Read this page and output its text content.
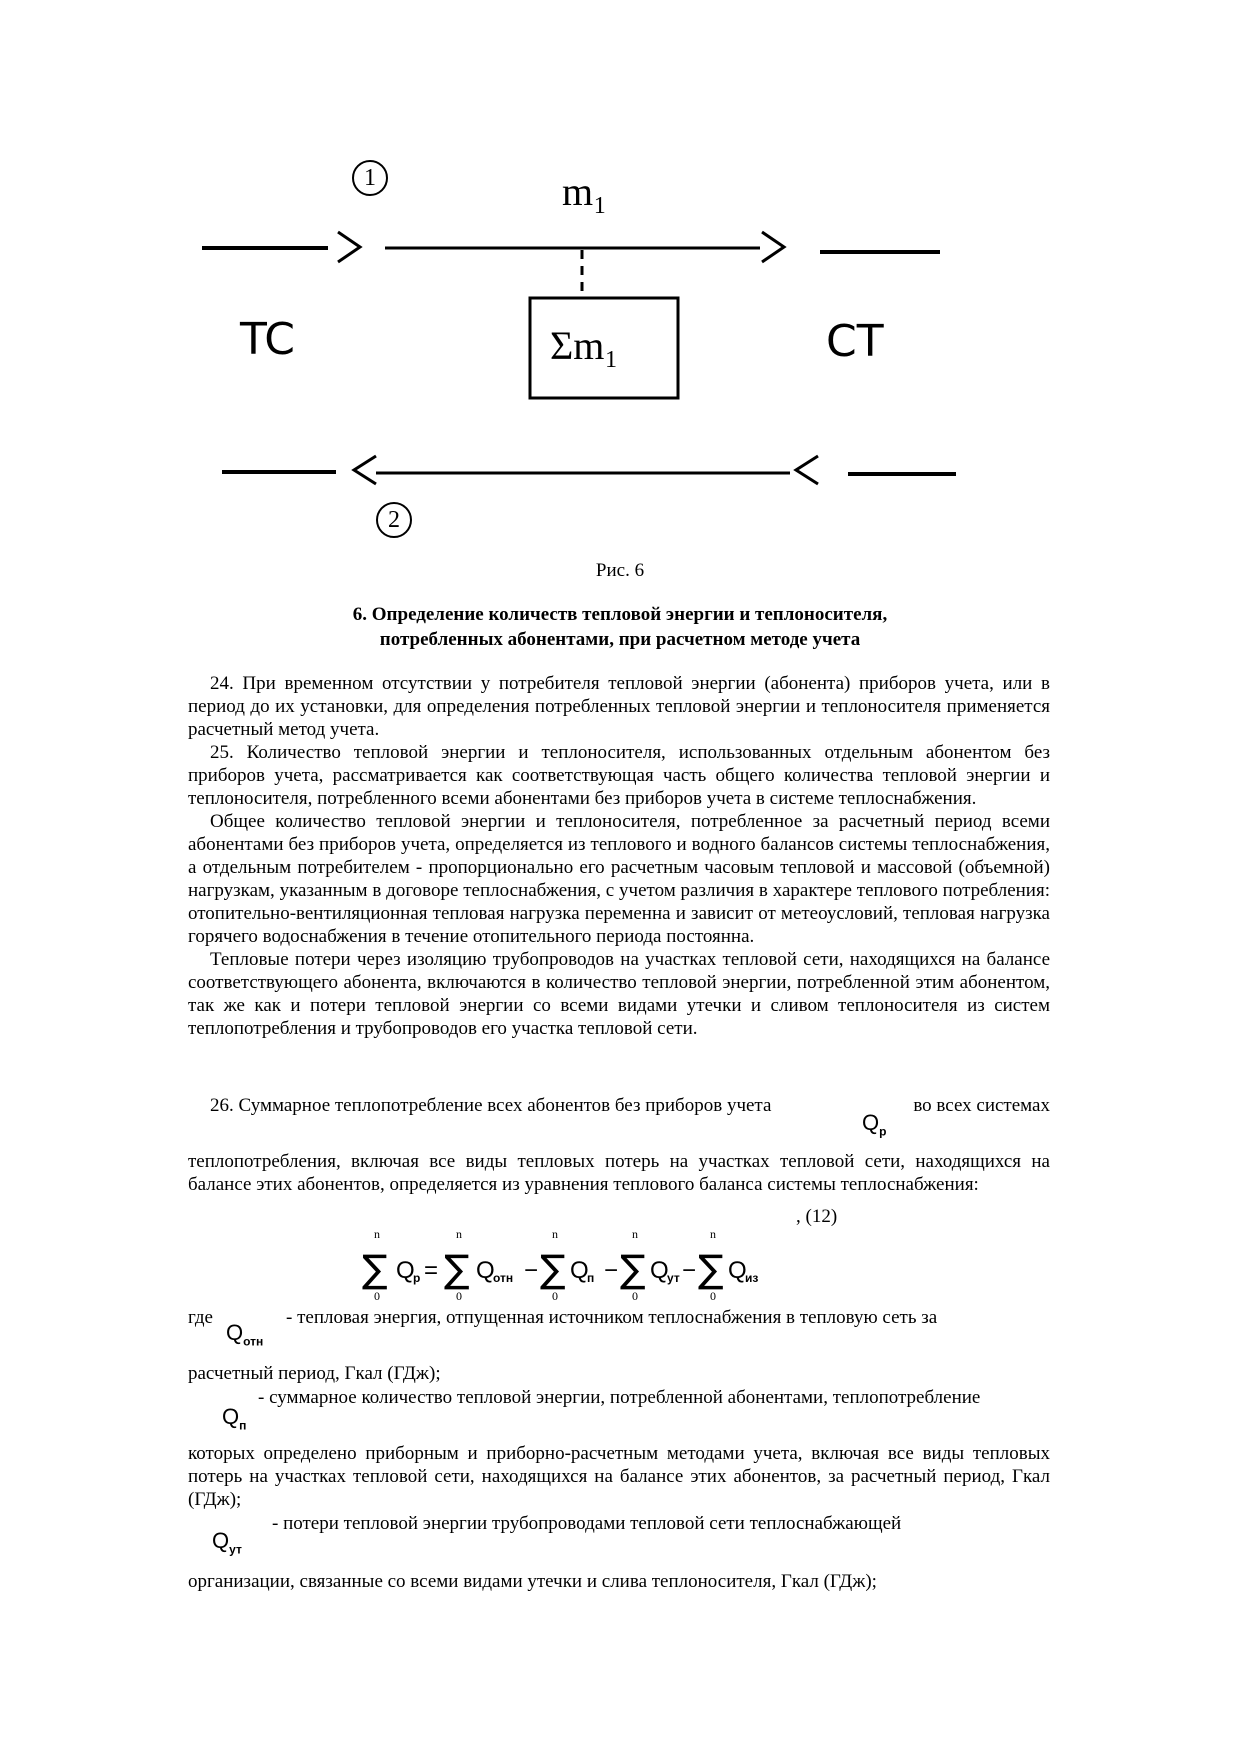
1	m₁
Σm₁
TC	CT
2
Рис. 6
6. Определение количеств тепловой энергии и теплоносителя,
потребленных абонентами, при расчетном методе учета

24. При временном отсутствии у потребителя тепловой энергии (абонента) приборов учета, или в период до их установки, для определения потребленных тепловой энергии и теплоносителя применяется расчетный метод учета.

25. Количество тепловой энергии и теплоносителя, использованных отдельным абонентом без приборов учета, рассматривается как соответствующая часть общего количества тепловой энергии и теплоносителя, потребленного всеми абонентами без приборов учета в системе теплоснабжения.

Общее количество тепловой энергии и теплоносителя, потребленное за расчетный период всеми абонентами без приборов учета, определяется из теплового и водного балансов системы теплоснабжения, а отдельным потребителем - пропорционально его расчетным часовым тепловой и массовой (объемной) нагрузкам, указанным в договоре теплоснабжения, с учетом различия в характере теплового потребления: отопительно-вентиляционная тепловая нагрузка переменна и зависит от метеоусловий, тепловая нагрузка горячего водоснабжения в течение отопительного периода постоянна.

Тепловые потери через изоляцию трубопроводов на участках тепловой сети, находящихся на балансе соответствующего абонента, включаются в количество тепловой энергии, потребленной этим абонентом, так же как и потери тепловой энергии со всеми видами утечки и сливом теплоносителя из систем теплопотребления и трубопроводов его участка тепловой сети.

26. Суммарное теплопотребление всех абонентов без приборов учета	во всех системах
$Q_р$

теплопотребления, включая все виды тепловых потерь на участках тепловой сети, находящихся на балансе этих абонентов, определяется из уравнения теплового баланса системы теплоснабжения:

, (12)
n
0
n
0
n
0
n
0
n
0
∑ ∑ ∑ ∑ ∑
Q = Q − Q − Q − Q
р	отн	п	ут	из
где	- тепловая энергия, отпущенная источником теплоснабжения в тепловую сеть за
$Q_{отн}$

расчетный период, Гкал (ГДж);

- суммарное количество тепловой энергии, потребленной абонентами, теплопотребление
$Q_п$

которых определено приборным и приборно-расчетным методами учета, включая все виды тепловых потерь на участках тепловой сети, находящихся на балансе этих абонентов, за расчетный период, Гкал (ГДж);

- потери тепловой энергии трубопроводами тепловой сети теплоснабжающей
$Q_{ут}$

организации, связанные со всеми видами утечки и слива теплоносителя, Гкал (ГДж);
